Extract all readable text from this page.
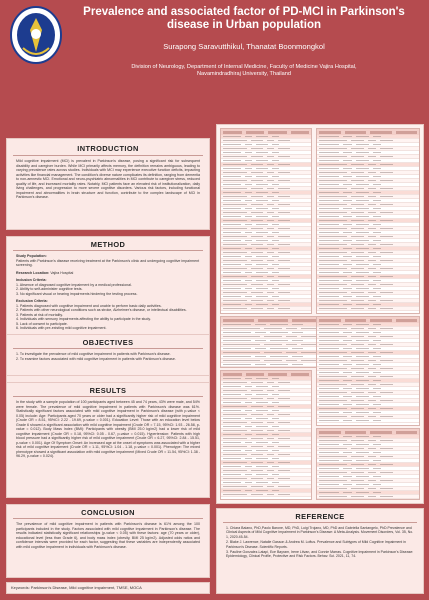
Prevalence and associated factor of PD-MCI in Parkinson's
disease in Urban population
Surapong Saravutthikul, Thanatat Boonmongkol
Division of Neurology, Department of Internal Medicine, Faculty of Medicine Vajira Hospital,
Navamindradhiraj University, Thailand
INTRODUCTION
Mild cognitive impairment (MCI) is prevalent in Parkinson's disease, posing a significant risk for subsequent disability and caregiver burden. While MCI primarily affects memory, the definition remains ambiguous, leading to varying prevalence rates across studies. Individuals with MCI may experience executive function deficits, impacting activities like financial management. The condition's diverse nature complicates its definition, ranging from dementia to non-amnestic MCI. Emotional and neuro-psychiatric abnormalities in MCI contribute to caregiver stress, reduced quality of life, and increased mortality rates. Notably, MCI patients face an elevated risk of institutionalization, daily living challenges, and progression to more severe cognitive disorders. Various risk factors, including functional impairment and abnormalities in brain structure and function, contribute to the complex landscape of MCI in Parkinson's disease.
METHOD
Study Population:
Patients with Parkinson's disease receiving treatment at the Parkinson's clinic and undergoing cognitive impairment screening.
Research Location: Vajira Hospital
Inclusion Criteria:
1. Absence of diagnosed cognitive impairment by a medical professional.
2. Ability to self-administer cognitive tests.
3. No significant visual or hearing impairments hindering the testing process.
Exclusion Criteria:
1. Patients diagnosed with cognitive impairment and unable to perform basic daily activities.
2. Patients with other neurological conditions such as stroke, Alzheimer's disease, or intellectual disabilities.
3. Patients at risk of mortality.
4. Individuals with sensory impairments affecting the ability to participate in the study.
5. Lack of consent to participate.
6. Individuals with pre-existing mild cognitive impairment.
OBJECTIVES
1. To investigate the prevalence of mild cognitive impairment in patients with Parkinson's disease.
2. To examine factors associated with mild cognitive impairment in patients with Parkinson's disease.
RESULTS
In the study with a sample population of 100 participants aged between 45 and 74 years, 43% were male, and 54% were female. The prevalence of mild cognitive impairment in patients with Parkinson's disease was 61%. Statistically significant factors associated with mild cognitive impairment in Parkinson's disease (with p-value < 0.05) include: Age: Participants aged 70 years or older had a significantly higher risk of mild cognitive impairment (Crude OR = 8.51, 95%CI: 2.22 - 19.69, p-value = 0.001). Education Level: Those with an education level below Grade 6 showed a significant association with mild cognitive impairment (Crude OR = 7.15, 95%CI: 1.93 - 26.58, p-value = 0.012). Body Mass Index (BMI): Participants with obesity (BMI 25.0 kg/m2) had a lower risk of mild cognitive impairment (Crude OR = 0.18, 95%CI: 0.05 - 0.67, p-value = 0.015). Hypertension: Patients with high blood pressure had a significantly higher risk of mild cognitive impairment (Crude OR = 6.27, 95%CI: 2.84 - 15.51, p-value < 0.001). Age Of Symptom Onset: An increased age at the onset of symptoms was associated with a higher risk of mild cognitive impairment (Crude OR = 1.11, 95%CI: 1.04 - 1.18, p-value = 0.001). Phenotype: The mixed phenotype showed a significant association with mild cognitive impairment (Mixed Crude OR = 11.54, 95%CI: 1.38 - 96.29, p-value = 0.024).
CONCLUSION
The prevalence of mild cognitive impairment in patients with Parkinson's disease is 61% among the 100 participants included in the study. Factors associated with mild cognitive impairment in Parkinson's disease. The results indicated statistically significant relationships (p-value < 0.05) with these factors: age (70 years or older), educational level (less than Grade 6), and body mass index (obesity, BMI 25 kg/m2). Adjusted odds ratios and confidence intervals were provided for each factor, suggesting that these variables are independently associated with mild cognitive impairment in individuals with Parkinson's disease.
Keywords: Parkinson's Disease, Mild cognitive impairment, TMSE, MOCA
REFERENCE
1. Chiara Baiano, PhD,Paolo Barone, MD, PhD, Luigi Trojano, MD, PhD and Gabriella Santangelo, PhD.Prevalence and Clinical Aspects of Mild Cognitive Impairment in Parkinson's Disease: A Meta-Analysis. Movement Disorders, Vol. 35, No. 1, 2020.45-54.
2. Blake J. Lawrence, Natalie Gasson & Andrea M. Loftus. Prevalence and Subtypes of Mild Cognitive Impairment in Parkinson's Disease. Scientific Reports.
3. Pauline Gonzalez-Latapi, Ece Bayram, Irene Litvan, and Connie Marras. Cognitive Impairment in Parkinson's Disease: Epidemiology, Clinical Profile, Protective and Risk Factors. Behav. Sci. 2021, 11, 74.
